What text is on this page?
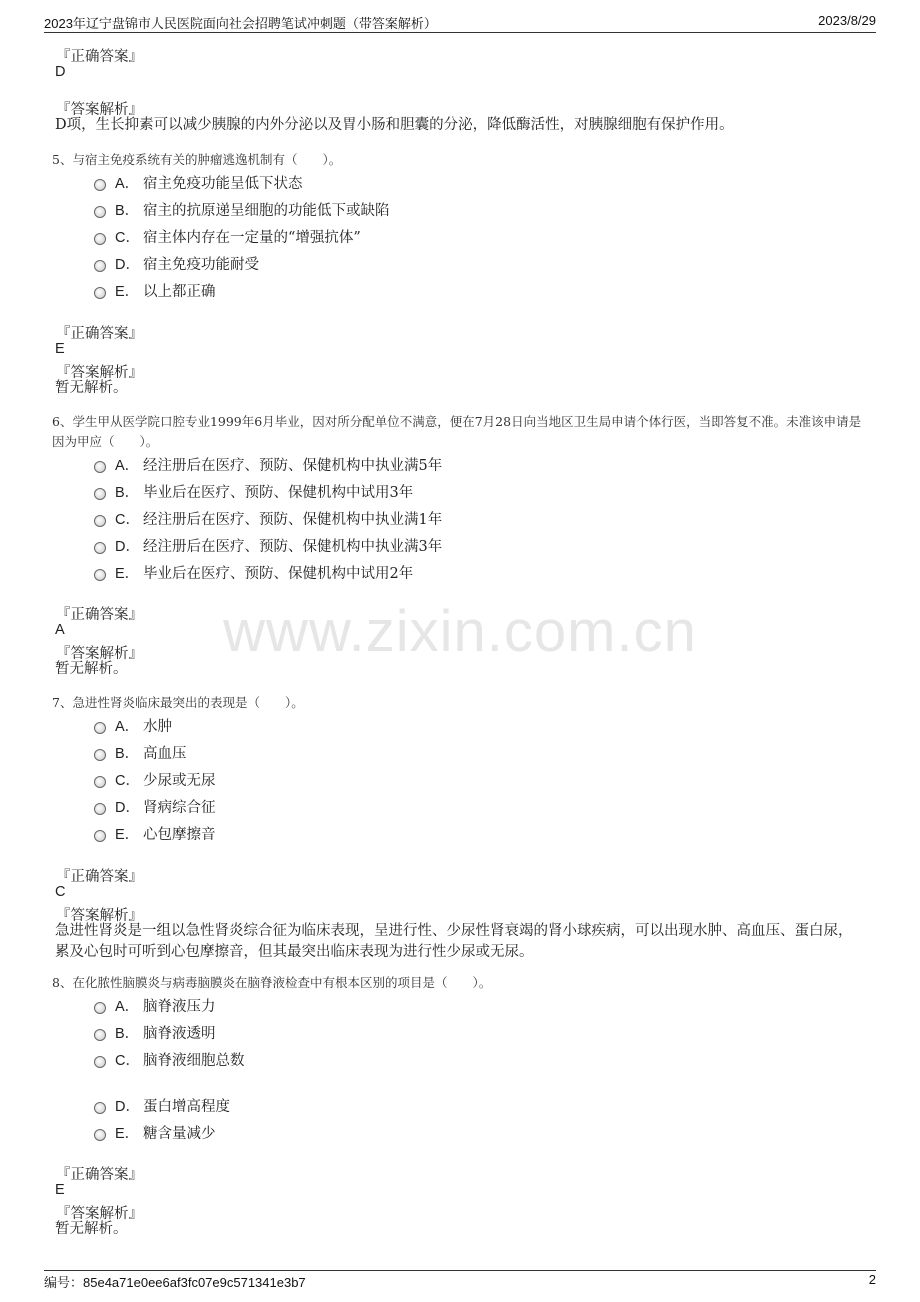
2023年辽宁盘锦市人民医院面向社会招聘笔试冲刺题（带答案解析）	2023/8/29
www.zixin.com.cn
『正确答案』
D
『答案解析』
D项，生长抑素可以减少胰腺的内外分泌以及胃小肠和胆囊的分泌，降低酶活性，对胰腺细胞有保护作用。
5、与宿主免疫系统有关的肿瘤逃逸机制有（　　）。
A． 宿主免疫功能呈低下状态
B． 宿主的抗原递呈细胞的功能低下或缺陷
C． 宿主体内存在一定量的“增强抗体”
D． 宿主免疫功能耐受
E． 以上都正确
『正确答案』
E
『答案解析』
暂无解析。
6、学生甲从医学院口腔专业1999年6月毕业，因对所分配单位不满意，便在7月28日向当地区卫生局申请个体行医，当即答复不准。未准该申请是因为甲应（　　）。
A． 经注册后在医疗、预防、保健机构中执业满5年
B． 毕业后在医疗、预防、保健机构中试用3年
C． 经注册后在医疗、预防、保健机构中执业满1年
D． 经注册后在医疗、预防、保健机构中执业满3年
E． 毕业后在医疗、预防、保健机构中试用2年
『正确答案』
A
『答案解析』
暂无解析。
7、急进性肾炎临床最突出的表现是（　　）。
A． 水肿
B． 高血压
C． 少尿或无尿
D． 肾病综合征
E． 心包摩擦音
『正确答案』
C
『答案解析』
急进性肾炎是一组以急性肾炎综合征为临床表现，呈进行性、少尿性肾衰竭的肾小球疾病，可以出现水肿、高血压、蛋白尿，累及心包时可听到心包摩擦音，但其最突出临床表现为进行性少尿或无尿。
8、在化脓性脑膜炎与病毒脑膜炎在脑脊液检查中有根本区别的项目是（　　）。
A． 脑脊液压力
B． 脑脊液透明
C． 脑脊液细胞总数
D． 蛋白增高程度
E． 糖含量减少
『正确答案』
E
『答案解析』
暂无解析。
编号：85e4a71e0ee6af3fc07e9c571341e3b7	2
